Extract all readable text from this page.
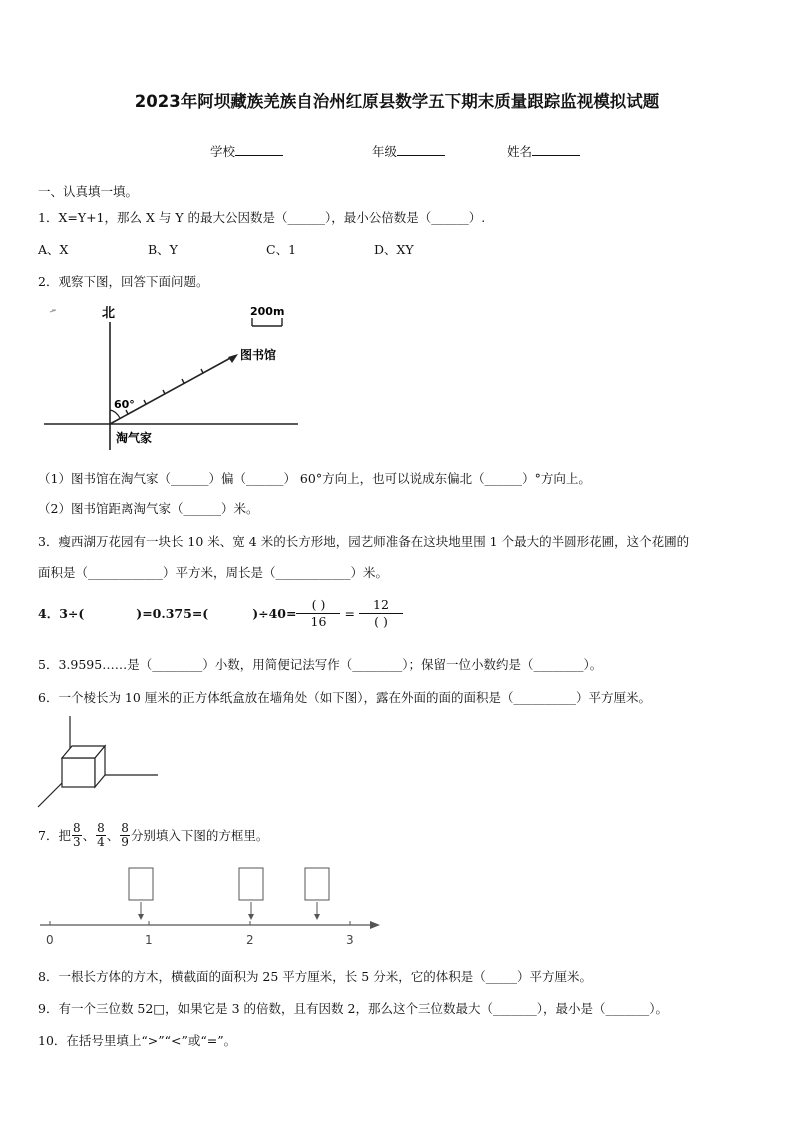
2023年阿坝藏族羌族自治州红原县数学五下期末质量跟踪监视模拟试题
学校	年级	姓名
一、认真填一填。
1．X=Y+1，那么 X 与 Y 的最大公因数是（______），最小公倍数是（______）.
A、X	B、Y	C、1	D、XY
2．观察下图，回答下面问题。
200m
北
图书馆
60°
淘气家
（1）图书馆在淘气家（______）偏（______） 60°方向上，也可以说成东偏北（______）°方向上。
（2）图书馆距离淘气家（______）米。
3．瘦西湖万花园有一块长 10 米、宽 4 米的长方形地，园艺师准备在这块地里围 1 个最大的半圆形花圃，这个花圃的
面积是（____________）平方米，周长是（____________）米。
4．3÷(	)=0.375=(	)÷40=
( )
16
=
12
( )
5．3.9595……是（________）小数，用简便记法写作（________）；保留一位小数约是（________）。
6．一个棱长为 10 厘米的正方体纸盒放在墙角处（如下图），露在外面的面的面积是（__________）平方厘米。
7．把 $\frac{8}{3}$ 、 $\frac{8}{4}$ 、 $\frac{8}{9}$ 分别填入下图的方框里。
0	1	2	3
8．一根长方体的方木，横截面的面积为 25 平方厘米，长 5 分米，它的体积是（_____）平方厘米。
9．有一个三位数 52□，如果它是 3 的倍数，且有因数 2，那么这个三位数最大（_______），最小是（_______）。
10．在括号里填上“>”“<”或“=”。
